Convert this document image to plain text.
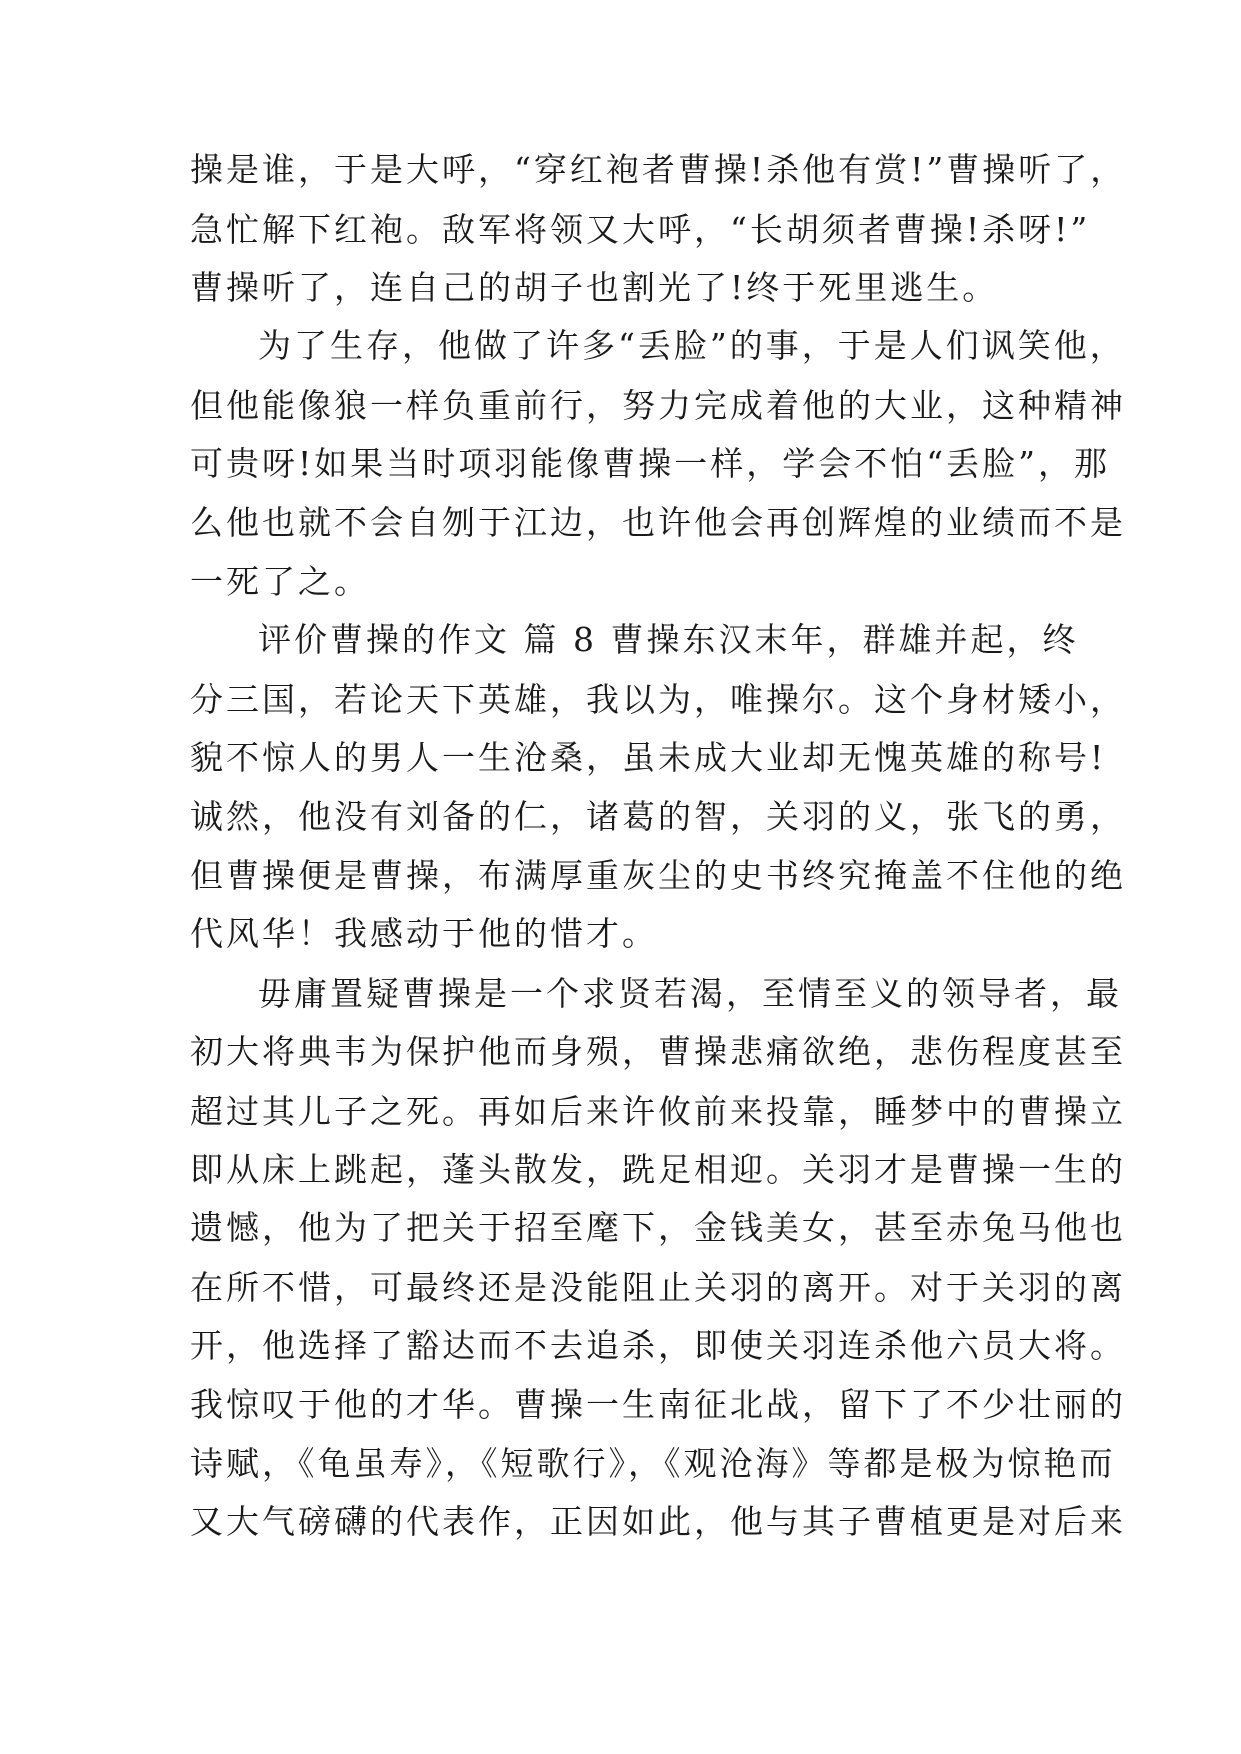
操是谁，于是大呼，“穿红袍者曹操!杀他有赏!”曹操听了，
急忙解下红袍。敌军将领又大呼，“长胡须者曹操!杀呀!”
曹操听了，连自己的胡子也割光了!终于死里逃生。
为了生存，他做了许多“丢脸”的事，于是人们讽笑他，
但他能像狼一样负重前行，努力完成着他的大业，这种精神
可贵呀!如果当时项羽能像曹操一样，学会不怕“丢脸”，那
么他也就不会自刎于江边，也许他会再创辉煌的业绩而不是
一死了之。
评价曹操的作文 篇 8 曹操东汉末年，群雄并起，终
分三国，若论天下英雄，我以为，唯操尔。这个身材矮小，
貌不惊人的男人一生沧桑，虽未成大业却无愧英雄的称号!
诚然，他没有刘备的仁，诸葛的智，关羽的义，张飞的勇，
但曹操便是曹操，布满厚重灰尘的史书终究掩盖不住他的绝
代风华！我感动于他的惜才。
毋庸置疑曹操是一个求贤若渴，至情至义的领导者，最
初大将典韦为保护他而身殒，曹操悲痛欲绝，悲伤程度甚至
超过其儿子之死。再如后来许攸前来投靠，睡梦中的曹操立
即从床上跳起，蓬头散发，跣足相迎。关羽才是曹操一生的
遗憾，他为了把关于招至麾下，金钱美女，甚至赤兔马他也
在所不惜，可最终还是没能阻止关羽的离开。对于关羽的离
开，他选择了豁达而不去追杀，即使关羽连杀他六员大将。
我惊叹于他的才华。曹操一生南征北战，留下了不少壮丽的
诗赋，《龟虽寿》，《短歌行》，《观沧海》等都是极为惊艳而
又大气磅礴的代表作，正因如此，他与其子曹植更是对后来
